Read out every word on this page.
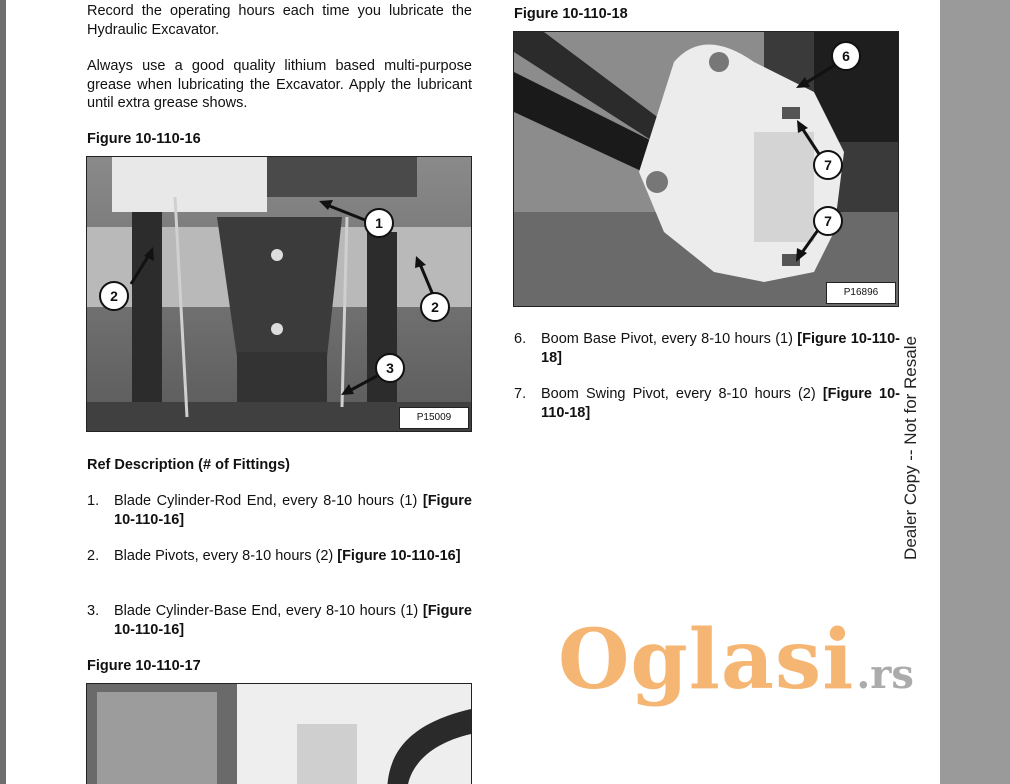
Record the operating hours each time you lubricate the Hydraulic Excavator.
Always use a good quality lithium based multi-purpose grease when lubricating the Excavator. Apply the lubricant until extra grease shows.
Figure 10-110-16
1
2
2
3
P15009
Ref Description (# of Fittings)
1. Blade Cylinder-Rod End, every 8-10 hours (1) [Figure 10-110-16]
2. Blade Pivots, every 8-10 hours (2) [Figure 10-110-16]
3. Blade Cylinder-Base End, every 8-10 hours (1) [Figure 10-110-16]
Figure 10-110-17
Figure 10-110-18
6
7
7
P16896
6. Boom Base Pivot, every 8-10 hours (1) [Figure 10-110-18]
7. Boom Swing Pivot, every 8-10 hours (2) [Figure 10-110-18]
Oglasi.rs
Dealer Copy -- Not for Resale
